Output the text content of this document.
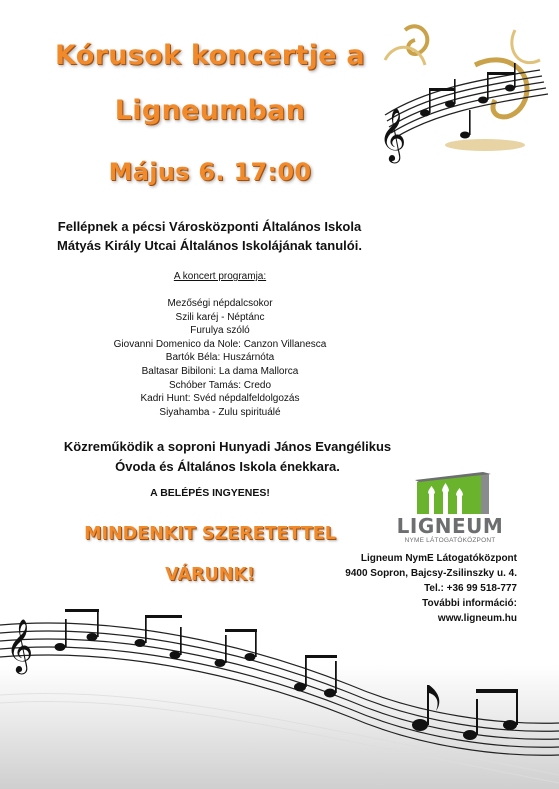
Kórusok koncertje a
Ligneumban
Május 6. 17:00
𝄞
Fellépnek a pécsi Városközponti Általános Iskola
Mátyás Király Utcai Általános Iskolájának tanulói.
A koncert programja:
Mezőségi népdalcsokor
Szili karéj - Néptánc
Furulya szóló
Giovanni Domenico da Nole: Canzon Villanesca
Bartók Béla: Huszárnóta
Baltasar Bibiloni: La dama Mallorca
Schóber Tamás: Credo
Kadri Hunt: Svéd népdalfeldolgozás
Siyahamba - Zulu spirituálé
Közreműködik a soproni Hunyadi János Evangélikus
Óvoda és Általános Iskola énekkara.
A BELÉPÉS INGYENES!
MINDENKIT SZERETETTEL
VÁRUNK!
LIGNEUM
NYME LÁTOGATÓKÖZPONT
Ligneum NymE Látogatóközpont
9400 Sopron, Bajcsy-Zsilinszky u. 4.
Tel.: +36 99 518-777
További információ:
www.ligneum.hu
𝄞
